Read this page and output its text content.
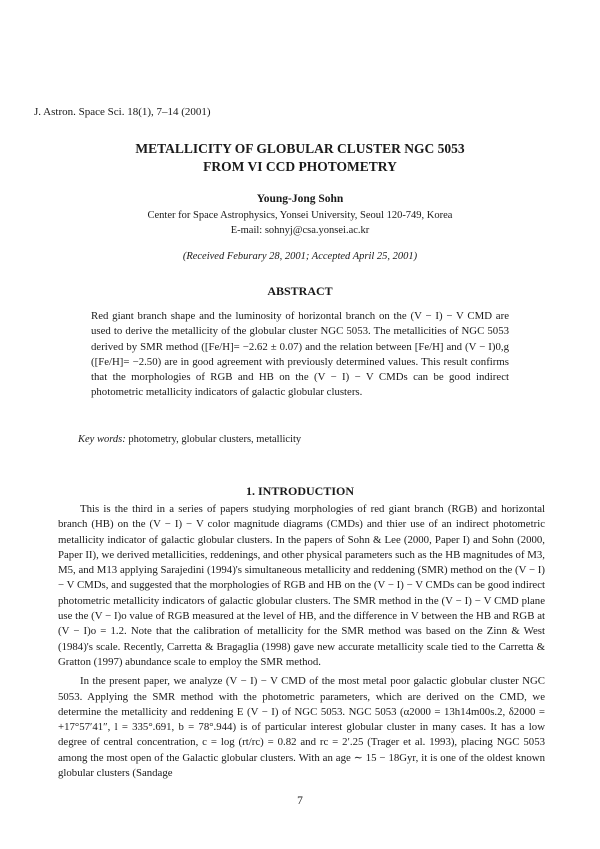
J. Astron. Space Sci. 18(1), 7–14 (2001)
METALLICITY OF GLOBULAR CLUSTER NGC 5053
FROM VI CCD PHOTOMETRY
Young-Jong Sohn
Center for Space Astrophysics, Yonsei University, Seoul 120-749, Korea
E-mail: sohnyj@csa.yonsei.ac.kr
(Received Feburary 28, 2001; Accepted April 25, 2001)
ABSTRACT

Red giant branch shape and the luminosity of horizontal branch on the (V − I) − V CMD are used to derive the metallicity of the globular cluster NGC 5053. The metallicities of NGC 5053 derived by SMR method ([Fe/H]= −2.62 ± 0.07) and the relation between [Fe/H] and (V − I)0,g ([Fe/H]= −2.50) are in good agreement with previously determined values. This result confirms that the morphologies of RGB and HB on the (V − I) − V CMDs can be good indirect photometric metallicity indicators of galactic globular clusters.

Key words: photometry, globular clusters, metallicity
1. INTRODUCTION

This is the third in a series of papers studying morphologies of red giant branch (RGB) and horizontal branch (HB) on the (V − I) − V color magnitude diagrams (CMDs) and thier use of an indirect photometric metallicity indicator of galactic globular clusters. In the papers of Sohn & Lee (2000, Paper I) and Sohn (2000, Paper II), we derived metallicities, reddenings, and other physical parameters such as the HB magnitudes of M3, M5, and M13 applying Sarajedini (1994)'s simultaneous metallicity and reddening (SMR) method on the (V − I) − V CMDs, and suggested that the morphologies of RGB and HB on the (V − I) − V CMDs can be good indirect photometric metallicity indicators of galactic globular clusters. The SMR method in the (V − I) − V CMD plane use the (V − I)o value of RGB measured at the level of HB, and the difference in V between the HB and RGB at (V − I)o = 1.2. Note that the calibration of metallicity for the SMR method was based on the Zinn & West (1984)'s scale. Recently, Carretta & Bragaglia (1998) gave new accurate metallicity scale tied to the Carretta & Gratton (1997) abundance scale to employ the SMR method.

In the present paper, we analyze (V − I) − V CMD of the most metal poor galactic globular cluster NGC 5053. Applying the SMR method with the photometric parameters, which are derived on the CMD, we determine the metallicity and reddening E (V − I) of NGC 5053. NGC 5053 (α2000 = 13h14m00s.2, δ2000 = +17°57′41″, l = 335°.691, b = 78°.944) is of particular interest globular cluster in many cases. It has a low degree of central concentration, c = log (rt/rc) = 0.82 and rc = 2′.25 (Trager et al. 1993), placing NGC 5053 among the most open of the Galactic globular clusters. With an age ∼ 15 − 18Gyr, it is one of the oldest known globular clusters (Sandage

7
